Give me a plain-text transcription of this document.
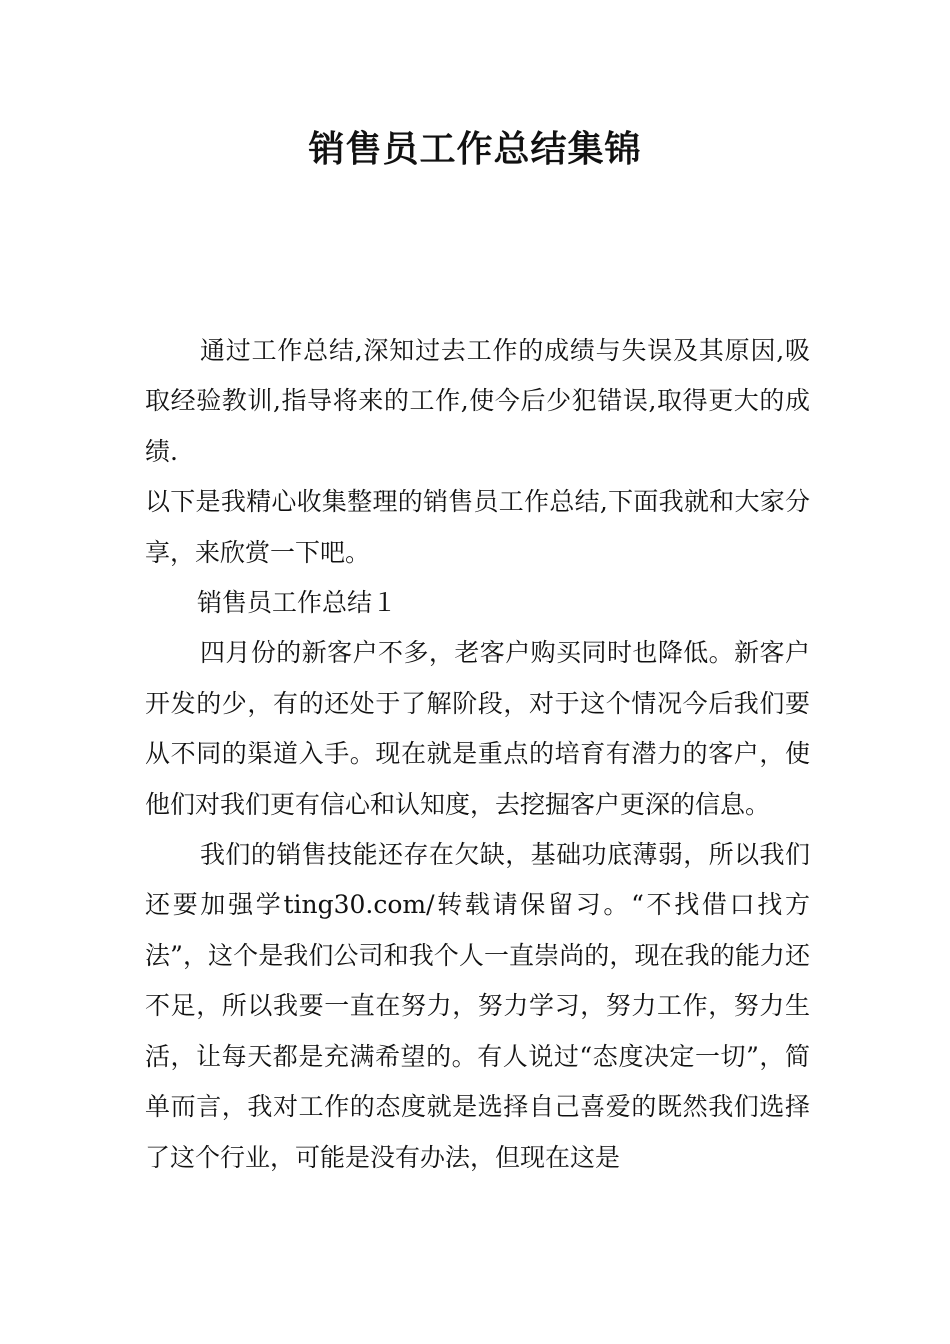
销售员工作总结集锦

通过工作总结,深知过去工作的成绩与失误及其原因,吸取经验教训,指导将来的工作,使今后少犯错误,取得更大的成绩.

以下是我精心收集整理的销售员工作总结,下面我就和大家分享，来欣赏一下吧。

销售员工作总结１

四月份的新客户不多，老客户购买同时也降低。新客户开发的少，有的还处于了解阶段，对于这个情况今后我们要从不同的渠道入手。现在就是重点的培育有潜力的客户，使他们对我们更有信心和认知度，去挖掘客户更深的信息。

我们的销售技能还存在欠缺，基础功底薄弱，所以我们还要加强学ting30.com/转载请保留习。“不找借口找方法”，这个是我们公司和我个人一直崇尚的，现在我的能力还不足，所以我要一直在努力，努力学习，努力工作，努力生活，让每天都是充满希望的。有人说过“态度决定一切”，简单而言，我对工作的态度就是选择自己喜爱的既然我们选择了这个行业，可能是没有办法，但现在这是
